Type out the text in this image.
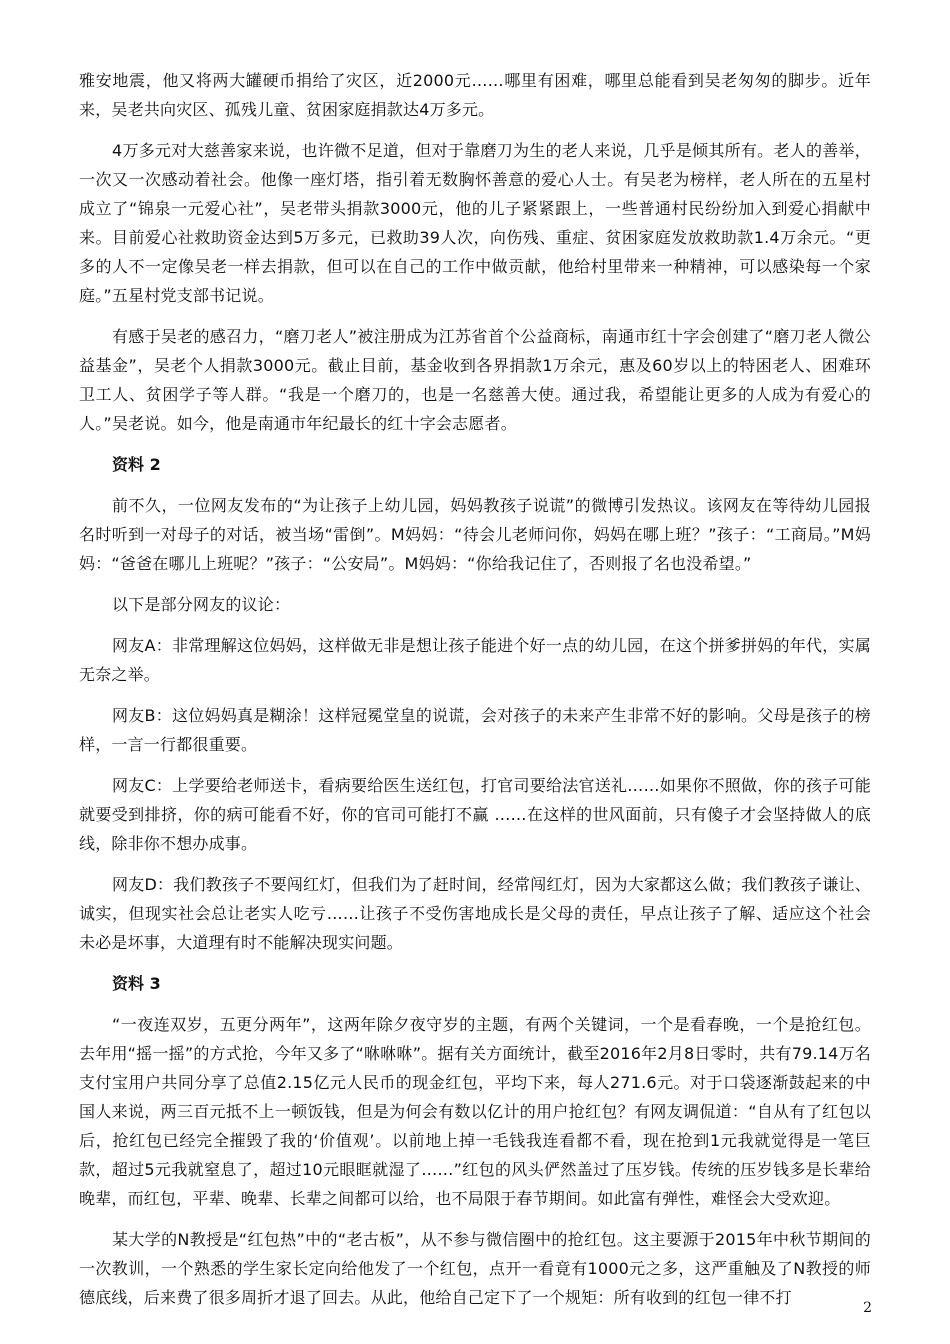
雅安地震，他又将两大罐硬币捐给了灾区，近2000元……哪里有困难，哪里总能看到吴老匆匆的脚步。近年来，吴老共向灾区、孤残儿童、贫困家庭捐款达4万多元。

4万多元对大慈善家来说，也许微不足道，但对于靠磨刀为生的老人来说，几乎是倾其所有。老人的善举，一次又一次感动着社会。他像一座灯塔，指引着无数胸怀善意的爱心人士。有吴老为榜样，老人所在的五星村成立了“锦泉一元爱心社”，吴老带头捐款3000元，他的儿子紧紧跟上，一些普通村民纷纷加入到爱心捐献中来。目前爱心社救助资金达到5万多元，已救助39人次，向伤残、重症、贫困家庭发放救助款1.4万余元。“更多的人不一定像吴老一样去捐款，但可以在自己的工作中做贡献，他给村里带来一种精神，可以感染每一个家庭。”五星村党支部书记说。

有感于吴老的感召力，“磨刀老人”被注册成为江苏省首个公益商标，南通市红十字会创建了“磨刀老人微公益基金”，吴老个人捐款3000元。截止目前，基金收到各界捐款1万余元，惠及60岁以上的特困老人、困难环卫工人、贫困学子等人群。“我是一个磨刀的，也是一名慈善大使。通过我，希望能让更多的人成为有爱心的人。”吴老说。如今，他是南通市年纪最长的红十字会志愿者。

资料 2

前不久，一位网友发布的“为让孩子上幼儿园，妈妈教孩子说谎”的微博引发热议。该网友在等待幼儿园报名时听到一对母子的对话，被当场“雷倒”。M妈妈：“待会儿老师问你，妈妈在哪上班？”孩子：“工商局。”M妈妈：“爸爸在哪儿上班呢？”孩子：“公安局”。M妈妈：“你给我记住了，否则报了名也没希望。”

以下是部分网友的议论：

网友A：非常理解这位妈妈，这样做无非是想让孩子能进个好一点的幼儿园，在这个拼爹拼妈的年代，实属无奈之举。

网友B：这位妈妈真是糊涂！这样冠冕堂皇的说谎，会对孩子的未来产生非常不好的影响。父母是孩子的榜样，一言一行都很重要。

网友C：上学要给老师送卡，看病要给医生送红包，打官司要给法官送礼……如果你不照做，你的孩子可能就要受到排挤，你的病可能看不好，你的官司可能打不赢 ……在这样的世风面前，只有傻子才会坚持做人的底线，除非你不想办成事。

网友D：我们教孩子不要闯红灯，但我们为了赶时间，经常闯红灯，因为大家都这么做；我们教孩子谦让、诚实，但现实社会总让老实人吃亏……让孩子不受伤害地成长是父母的责任，早点让孩子了解、适应这个社会未必是坏事，大道理有时不能解决现实问题。

资料 3

“一夜连双岁，五更分两年”，这两年除夕夜守岁的主题，有两个关键词，一个是看春晚，一个是抢红包。去年用“摇一摇”的方式抢，今年又多了“咻咻咻”。据有关方面统计，截至2016年2月8日零时，共有79.14万名支付宝用户共同分享了总值2.15亿元人民币的现金红包，平均下来，每人271.6元。对于口袋逐渐鼓起来的中国人来说，两三百元抵不上一顿饭钱，但是为何会有数以亿计的用户抢红包？有网友调侃道：“自从有了红包以后，抢红包已经完全摧毁了我的‘价值观’。以前地上掉一毛钱我连看都不看，现在抢到1元我就觉得是一笔巨款，超过5元我就窒息了，超过10元眼眶就湿了……”红包的风头俨然盖过了压岁钱。传统的压岁钱多是长辈给晚辈，而红包，平辈、晚辈、长辈之间都可以给，也不局限于春节期间。如此富有弹性，难怪会大受欢迎。

某大学的N教授是“红包热”中的“老古板”，从不参与微信圈中的抢红包。这主要源于2015年中秋节期间的一次教训，一个熟悉的学生家长定向给他发了一个红包，点开一看竟有1000元之多，这严重触及了N教授的师德底线，后来费了很多周折才退了回去。从此，他给自己定下了一个规矩：所有收到的红包一律不打

2
